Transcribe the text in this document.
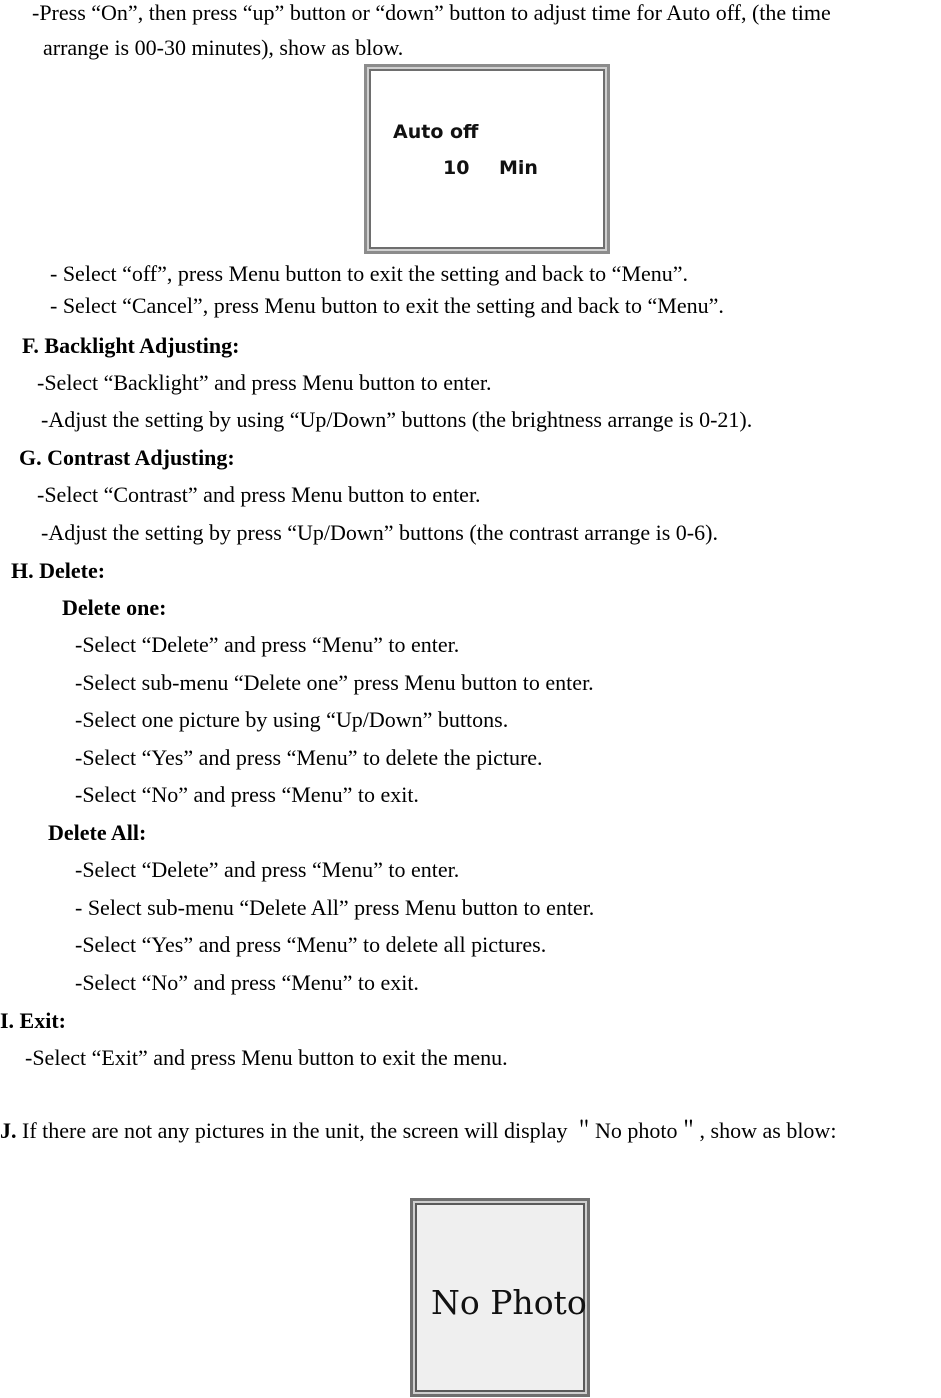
-Press “On”, then press “up” button or “down” button to adjust time for Auto off, (the time
arrange is 00-30 minutes), show as blow.
Auto off
10 Min
- Select “off”, press Menu button to exit the setting and back to “Menu”.
- Select “Cancel”, press Menu button to exit the setting and back to “Menu”.
F. Backlight Adjusting:
-Select “Backlight” and press Menu button to enter.
-Adjust the setting by using “Up/Down” buttons (the brightness arrange is 0-21).
G. Contrast Adjusting:
-Select “Contrast” and press Menu button to enter.
-Adjust the setting by press “Up/Down” buttons (the contrast arrange is 0-6).
H. Delete:
Delete one:
-Select “Delete” and press “Menu” to enter.
-Select sub-menu “Delete one” press Menu button to enter.
-Select one picture by using “Up/Down” buttons.
-Select “Yes” and press “Menu” to delete the picture.
-Select “No” and press “Menu” to exit.
Delete All:
-Select “Delete” and press “Menu” to enter.
- Select sub-menu “Delete All” press Menu button to enter.
-Select “Yes” and press “Menu” to delete all pictures.
-Select “No” and press “Menu” to exit.
I. Exit:
-Select “Exit” and press Menu button to exit the menu.
J. If there are not any pictures in the unit, the screen will display ＂No photo＂, show as blow:
No Photo
